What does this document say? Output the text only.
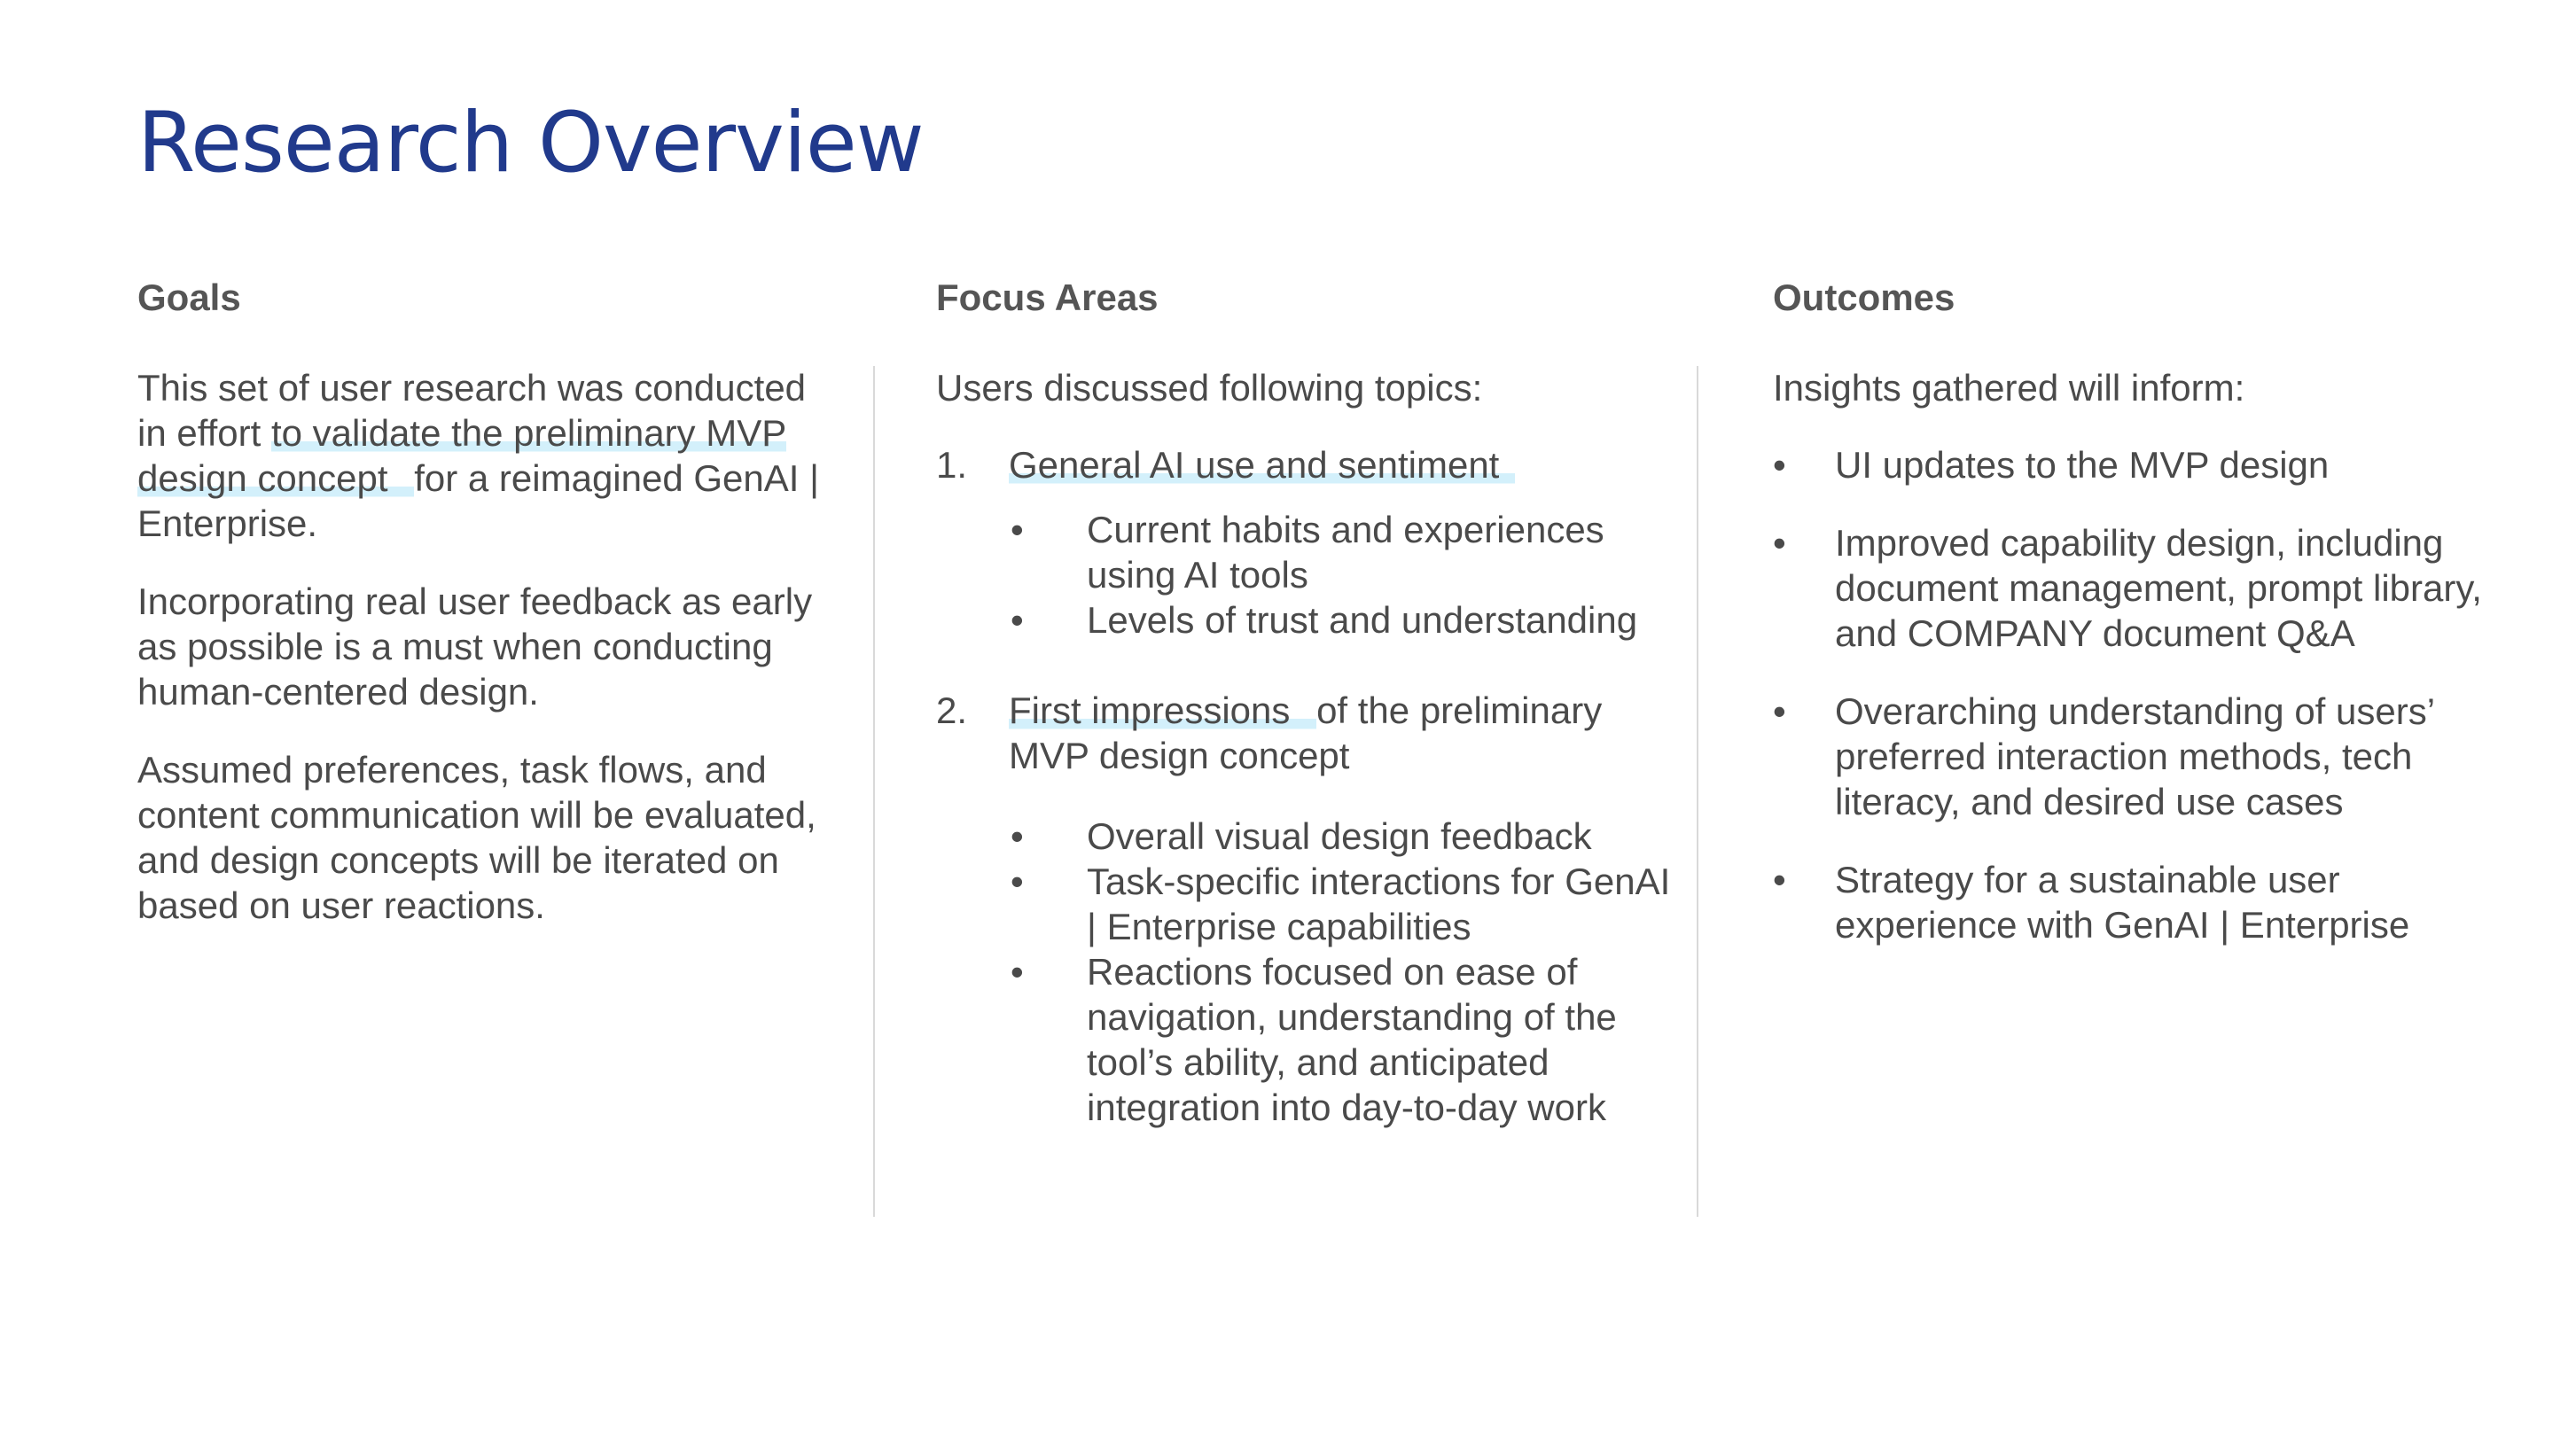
Research Overview
Goals

This set of user research was conducted in effort to validate the preliminary MVP design concept for a reimagined GenAI | Enterprise.

Incorporating real user feedback as early as possible is a must when conducting human-centered design.

Assumed preferences, task flows, and content communication will be evaluated, and design concepts will be iterated on based on user reactions.

Focus Areas

Users discussed following topics:

1. General AI use and sentiment
•	Current habits and experiences using AI tools
•	Levels of trust and understanding
2. First impressions of the preliminary MVP design concept
•	Overall visual design feedback
•	Task-specific interactions for GenAI | Enterprise capabilities
•	Reactions focused on ease of navigation, understanding of the tool’s ability, and anticipated integration into day-to-day work
Outcomes

Insights gathered will inform:

• UI updates to the MVP design
• Improved capability design, including document management, prompt library, and COMPANY document Q&A
• Overarching understanding of users’ preferred interaction methods, tech literacy, and desired use cases
• Strategy for a sustainable user experience with GenAI | Enterprise
